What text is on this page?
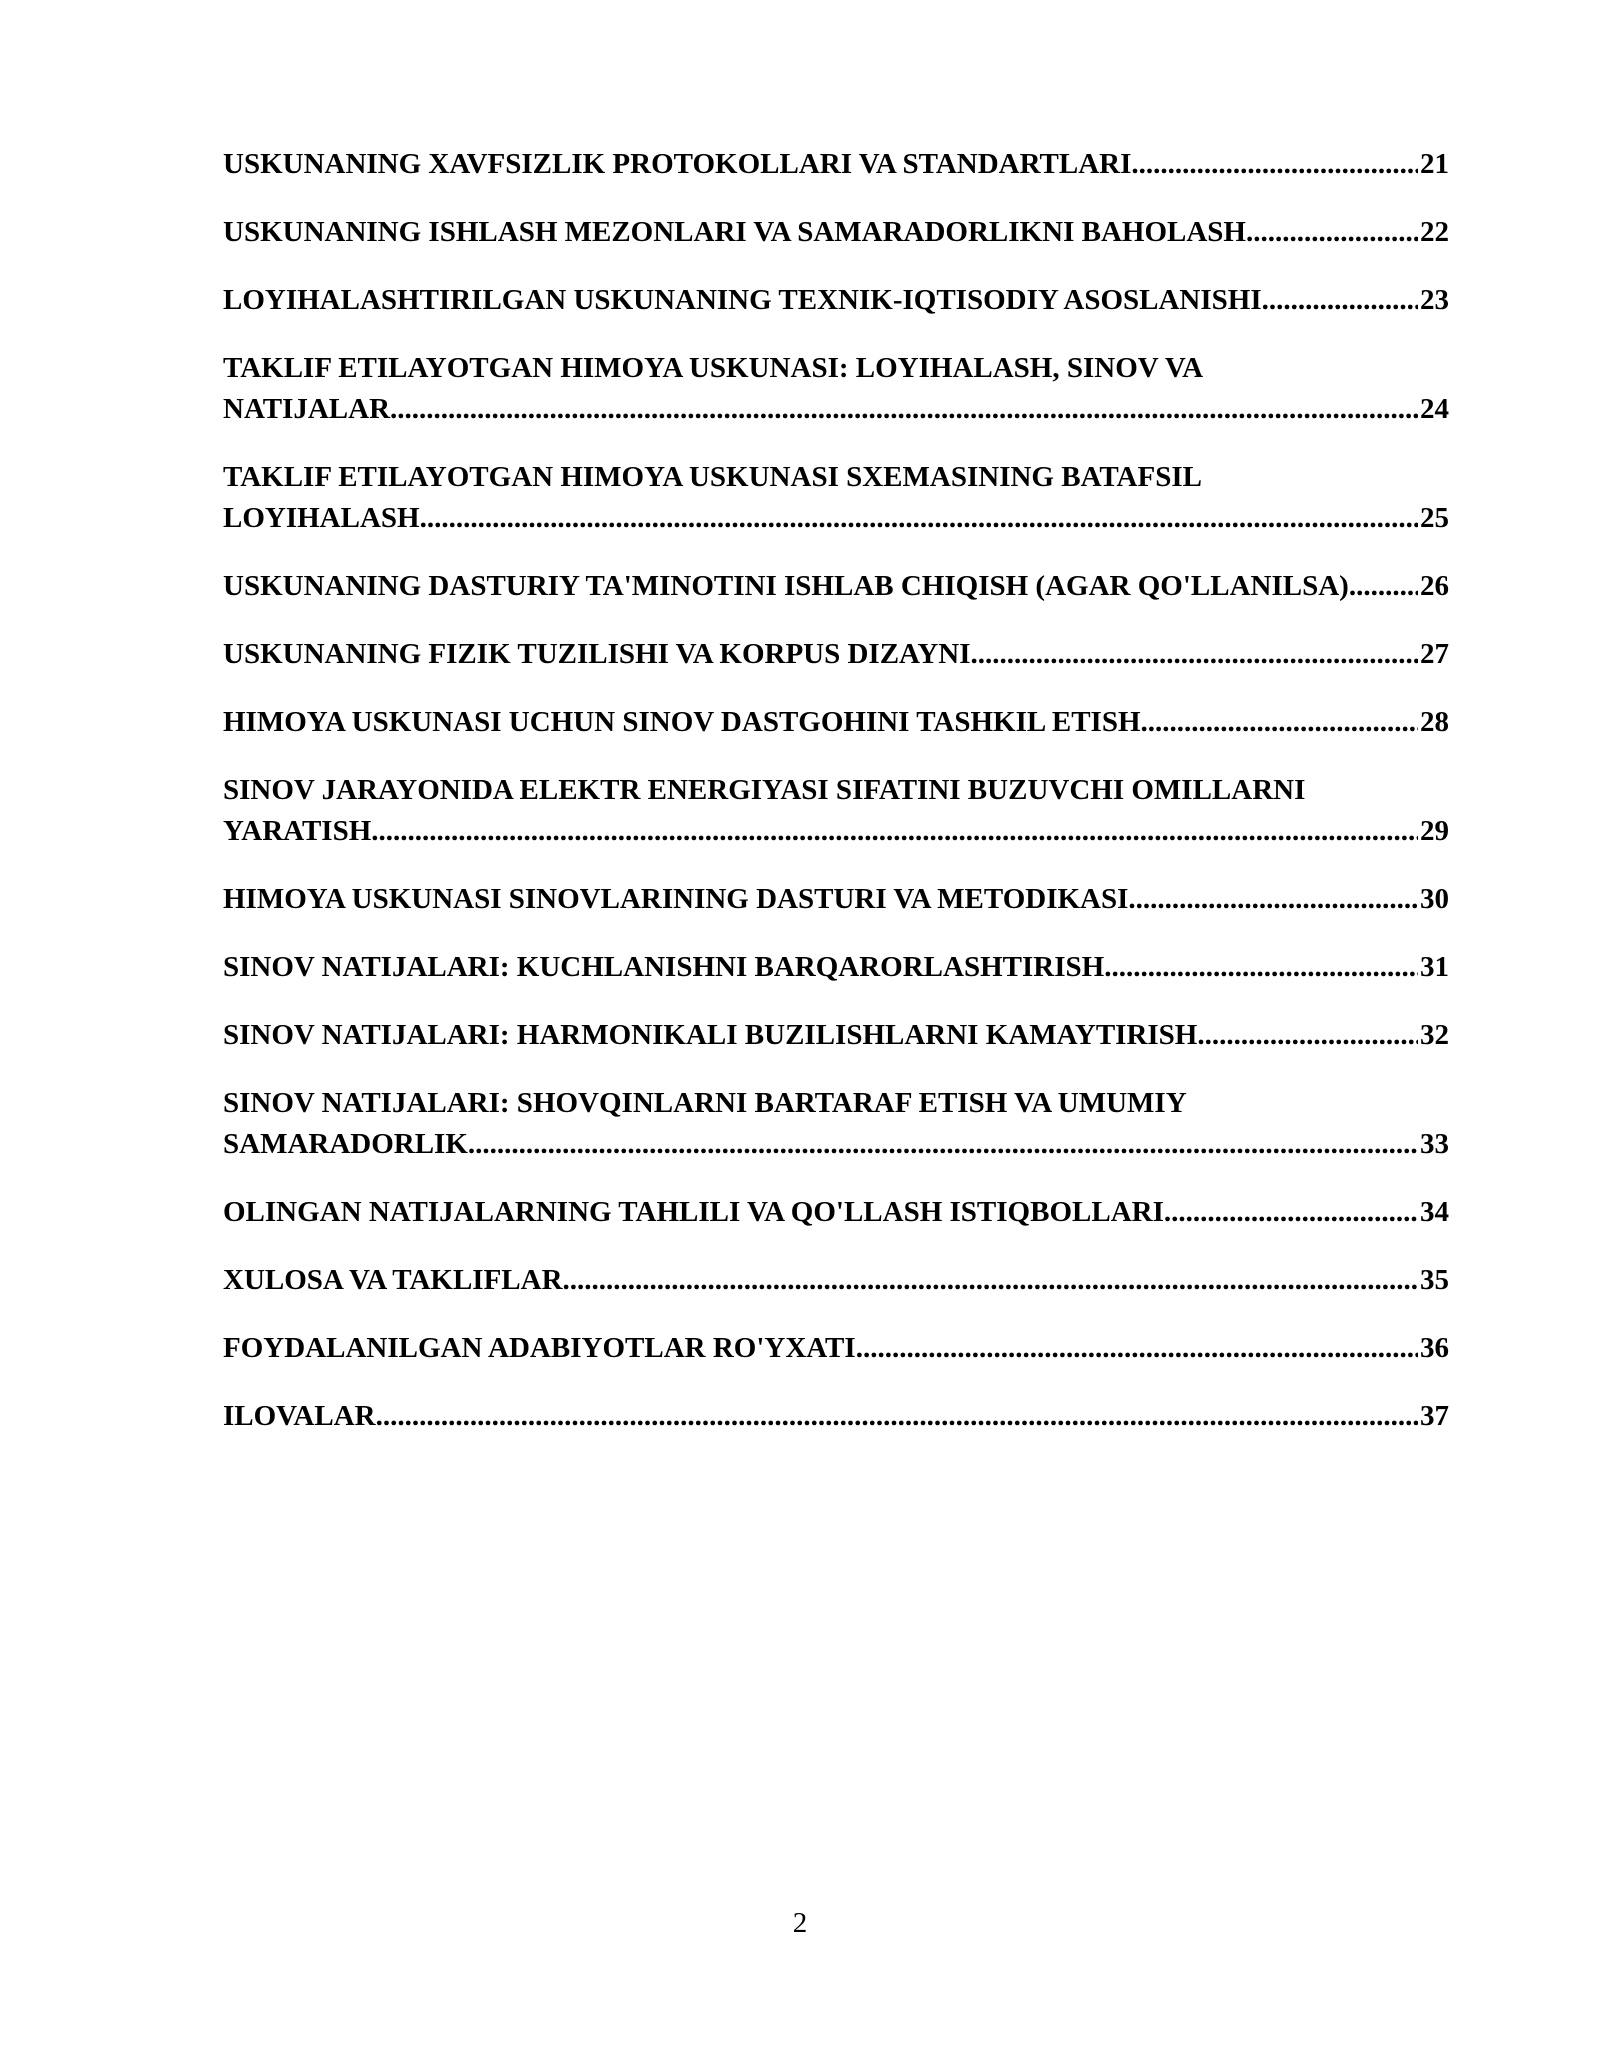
USKUNANING XAVFSIZLIK PROTOKOLLARI VA STANDARTLARI .....	21
USKUNANING ISHLASH MEZONLARI VA SAMARADORLIKNI BAHOLASH .....	22
LOYIHALASHTIRILGAN USKUNANING TEXNIK-IQTISODIY ASOSLANISHI .....	23
TAKLIF ETILAYOTGAN HIMOYA USKUNASI: LOYIHALASH, SINOV VA
NATIJALAR .....	24
TAKLIF ETILAYOTGAN HIMOYA USKUNASI SXEMASINING BATAFSIL
LOYIHALASH .....	25
USKUNANING DASTURIY TA'MINOTINI ISHLAB CHIQISH (AGAR QO'LLANILSA) ..... 26
USKUNANING FIZIK TUZILISHI VA KORPUS DIZAYNI .....	27
HIMOYA USKUNASI UCHUN SINOV DASTGOHINI TASHKIL ETISH .....	28
SINOV JARAYONIDA ELEKTR ENERGIYASI SIFATINI BUZUVCHI OMILLARNI
YARATISH .....	29
HIMOYA USKUNASI SINOVLARINING DASTURI VA METODIKASI .....	30
SINOV NATIJALARI: KUCHLANISHNI BARQARORLASHTIRISH .....	31
SINOV NATIJALARI: HARMONIKALI BUZILISHLARNI KAMAYTIRISH .....	32
SINOV NATIJALARI: SHOVQINLARNI BARTARAF ETISH VA UMUMIY
SAMARADORLIK .....	33
OLINGAN NATIJALARNING TAHLILI VA QO'LLASH ISTIQBOLLARI .....	34
XULOSA VA TAKLIFLAR .....	35
FOYDALANILGAN ADABIYOTLAR RO'YXATI .....	36
ILOVALAR .....	37
2
